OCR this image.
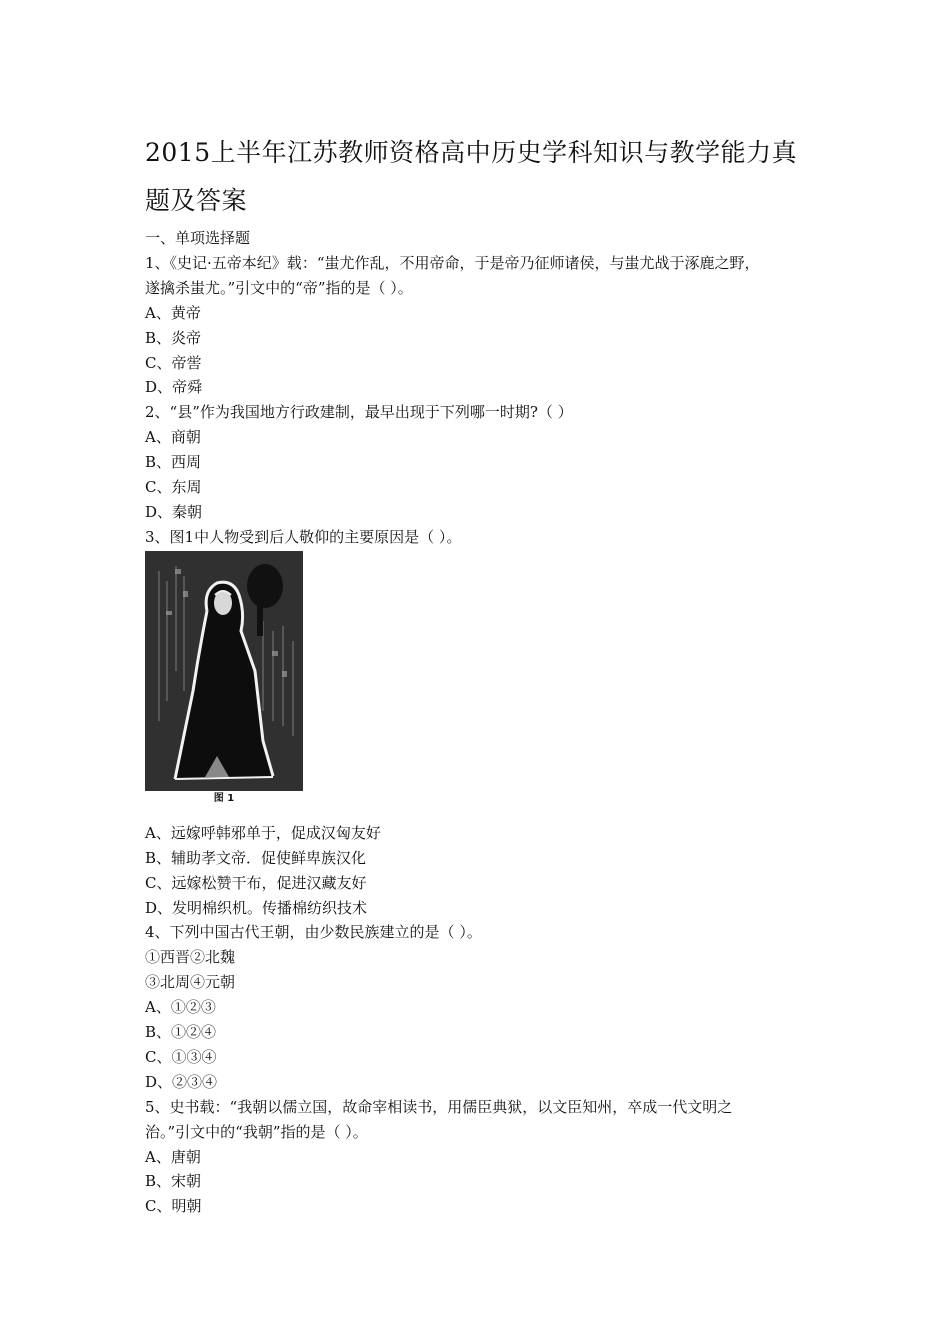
2015上半年江苏教师资格高中历史学科知识与教学能力真
题及答案
一、单项选择题
1、《史记·五帝本纪》载：“蚩尤作乱，不用帝命，于是帝乃征师诸侯，与蚩尤战于涿鹿之野，
遂擒杀蚩尤。”引文中的“帝”指的是（ ）。
A、黄帝
B、炎帝
C、帝喾
D、帝舜
2、“县”作为我国地方行政建制，最早出现于下列哪一时期?（ ）
A、商朝
B、西周
C、东周
D、秦朝
3、图1中人物受到后人敬仰的主要原因是（ ）。
图 1
A、远嫁呼韩邪单于，促成汉匈友好
B、辅助孝文帝．促使鲜卑族汉化
C、远嫁松赞干布，促进汉藏友好
D、发明棉织机。传播棉纺织技术
4、下列中国古代王朝，由少数民族建立的是（ ）。
①西晋②北魏
③北周④元朝
A、①②③
B、①②④
C、①③④
D、②③④
5、史书载：“我朝以儒立国，故命宰相读书，用儒臣典狱，以文臣知州，卒成一代文明之
治。”引文中的“我朝”指的是（ ）。
A、唐朝
B、宋朝
C、明朝
